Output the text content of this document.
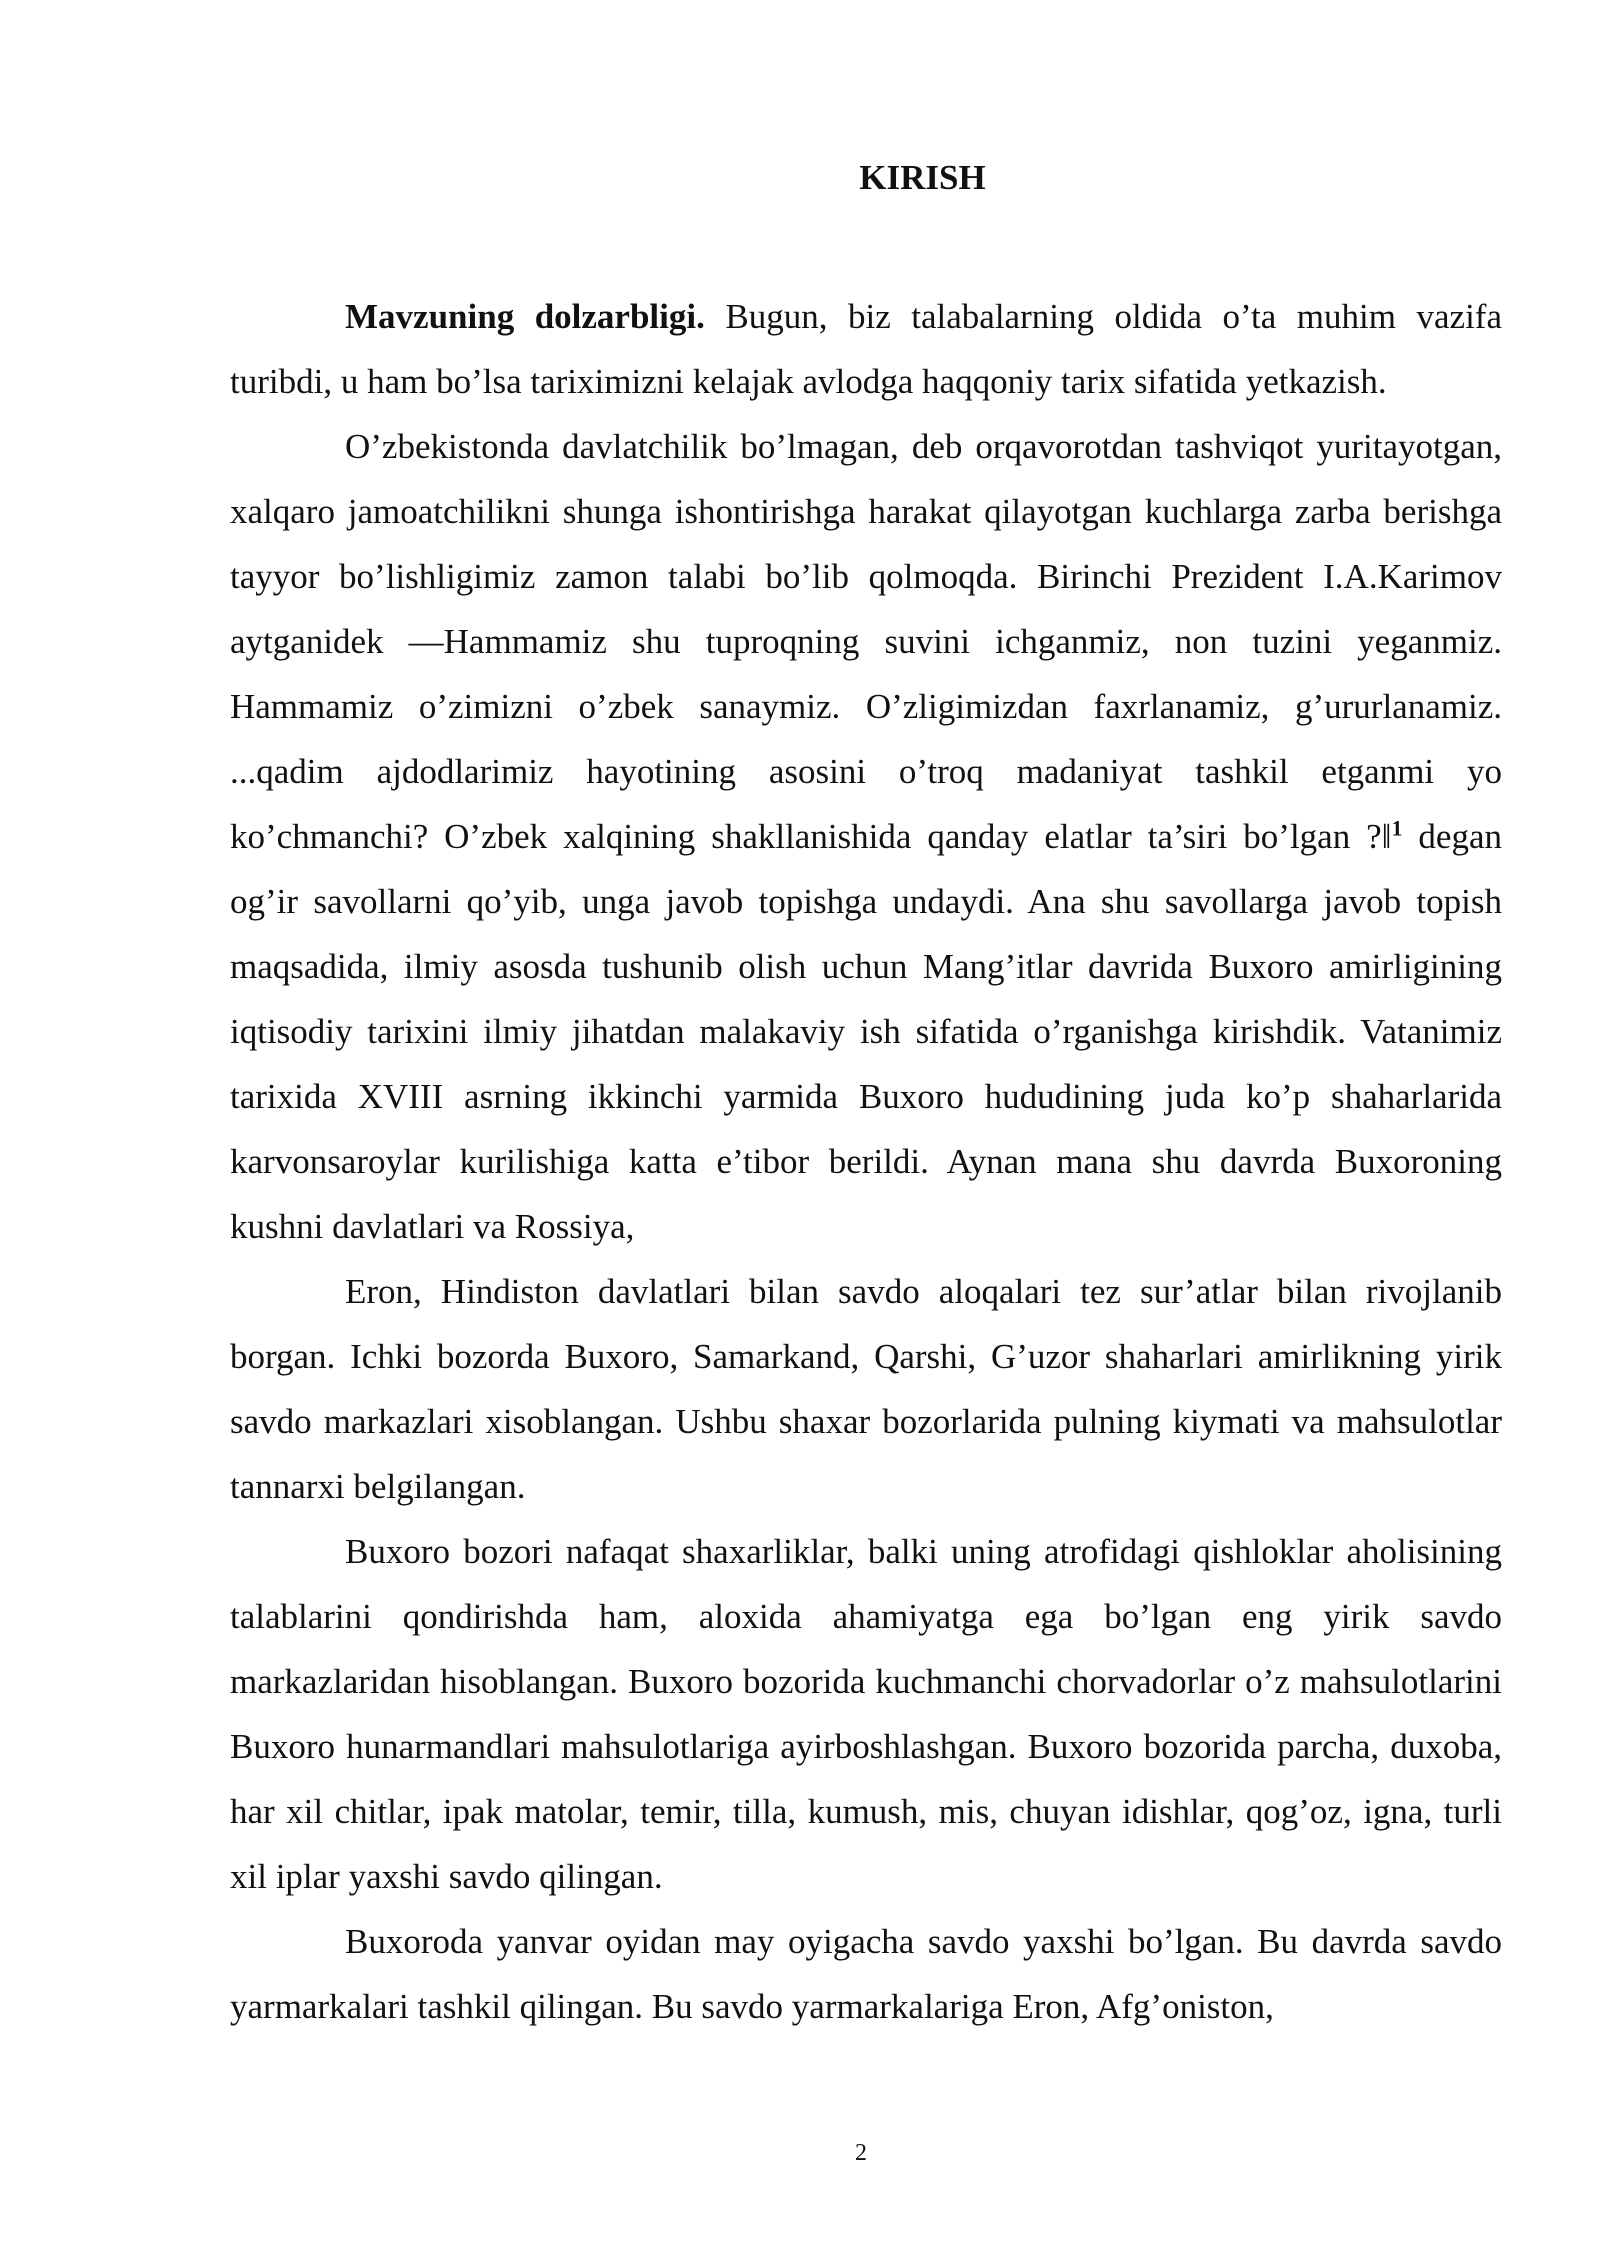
KIRISH

Mavzuning dolzarbligi. Bugun, biz talabalarning oldida o’ta muhim vazifa turibdi, u ham bo’lsa tariximizni kelajak avlodga haqqoniy tarix sifatida yetkazish.

O’zbekistonda davlatchilik bo’lmagan, deb orqavorotdan tashviqot yuritayotgan, xalqaro jamoatchilikni shunga ishontirishga harakat qilayotgan kuchlarga zarba berishga tayyor bo’lishligimiz zamon talabi bo’lib qolmoqda. Birinchi Prezident I.A.Karimov aytganidek ―Hammamiz shu tuproqning suvini ichganmiz, non tuzini yeganmiz. Hammamiz o’zimizni o’zbek sanaymiz. O’zligimizdan faxrlanamiz, g’ururlanamiz. ...qadim ajdodlarimiz hayotining asosini o’troq madaniyat tashkil etganmi yo ko’chmanchi? O’zbek xalqining shakllanishida qanday elatlar ta’siri bo’lgan ?‖$^1$ degan og’ir savollarni qo’yib, unga javob topishga undaydi. Ana shu savollarga javob topish maqsadida, ilmiy asosda tushunib olish uchun Mang’itlar davrida Buxoro amirligining iqtisodiy tarixini ilmiy jihatdan malakaviy ish sifatida o’rganishga kirishdik. Vatanimiz tarixida XVIII asrning ikkinchi yarmida Buxoro hududining juda ko’p shaharlarida karvonsaroylar kurilishiga katta e’tibor berildi. Aynan mana shu davrda Buxoroning kushni davlatlari va Rossiya,

Eron, Hindiston davlatlari bilan savdo aloqalari tez sur’atlar bilan rivojlanib borgan. Ichki bozorda Buxoro, Samarkand, Qarshi, G’uzor shaharlari amirlikning yirik savdo markazlari xisoblangan. Ushbu shaxar bozorlarida pulning kiymati va mahsulotlar tannarxi belgilangan.

Buxoro bozori nafaqat shaxarliklar, balki uning atrofidagi qishloklar aholisining talablarini qondirishda ham, aloxida ahamiyatga ega bo’lgan eng yirik savdo markazlaridan hisoblangan. Buxoro bozorida kuchmanchi chorvadorlar o’z mahsulotlarini Buxoro hunarmandlari mahsulotlariga ayirboshlashgan. Buxoro bozorida parcha, duxoba, har xil chitlar, ipak matolar, temir, tilla, kumush, mis, chuyan idishlar, qog’oz, igna, turli xil iplar yaxshi savdo qilingan.

Buxoroda yanvar oyidan may oyigacha savdo yaxshi bo’lgan. Bu davrda savdo yarmarkalari tashkil qilingan. Bu savdo yarmarkalariga Eron, Afg’oniston,

2
